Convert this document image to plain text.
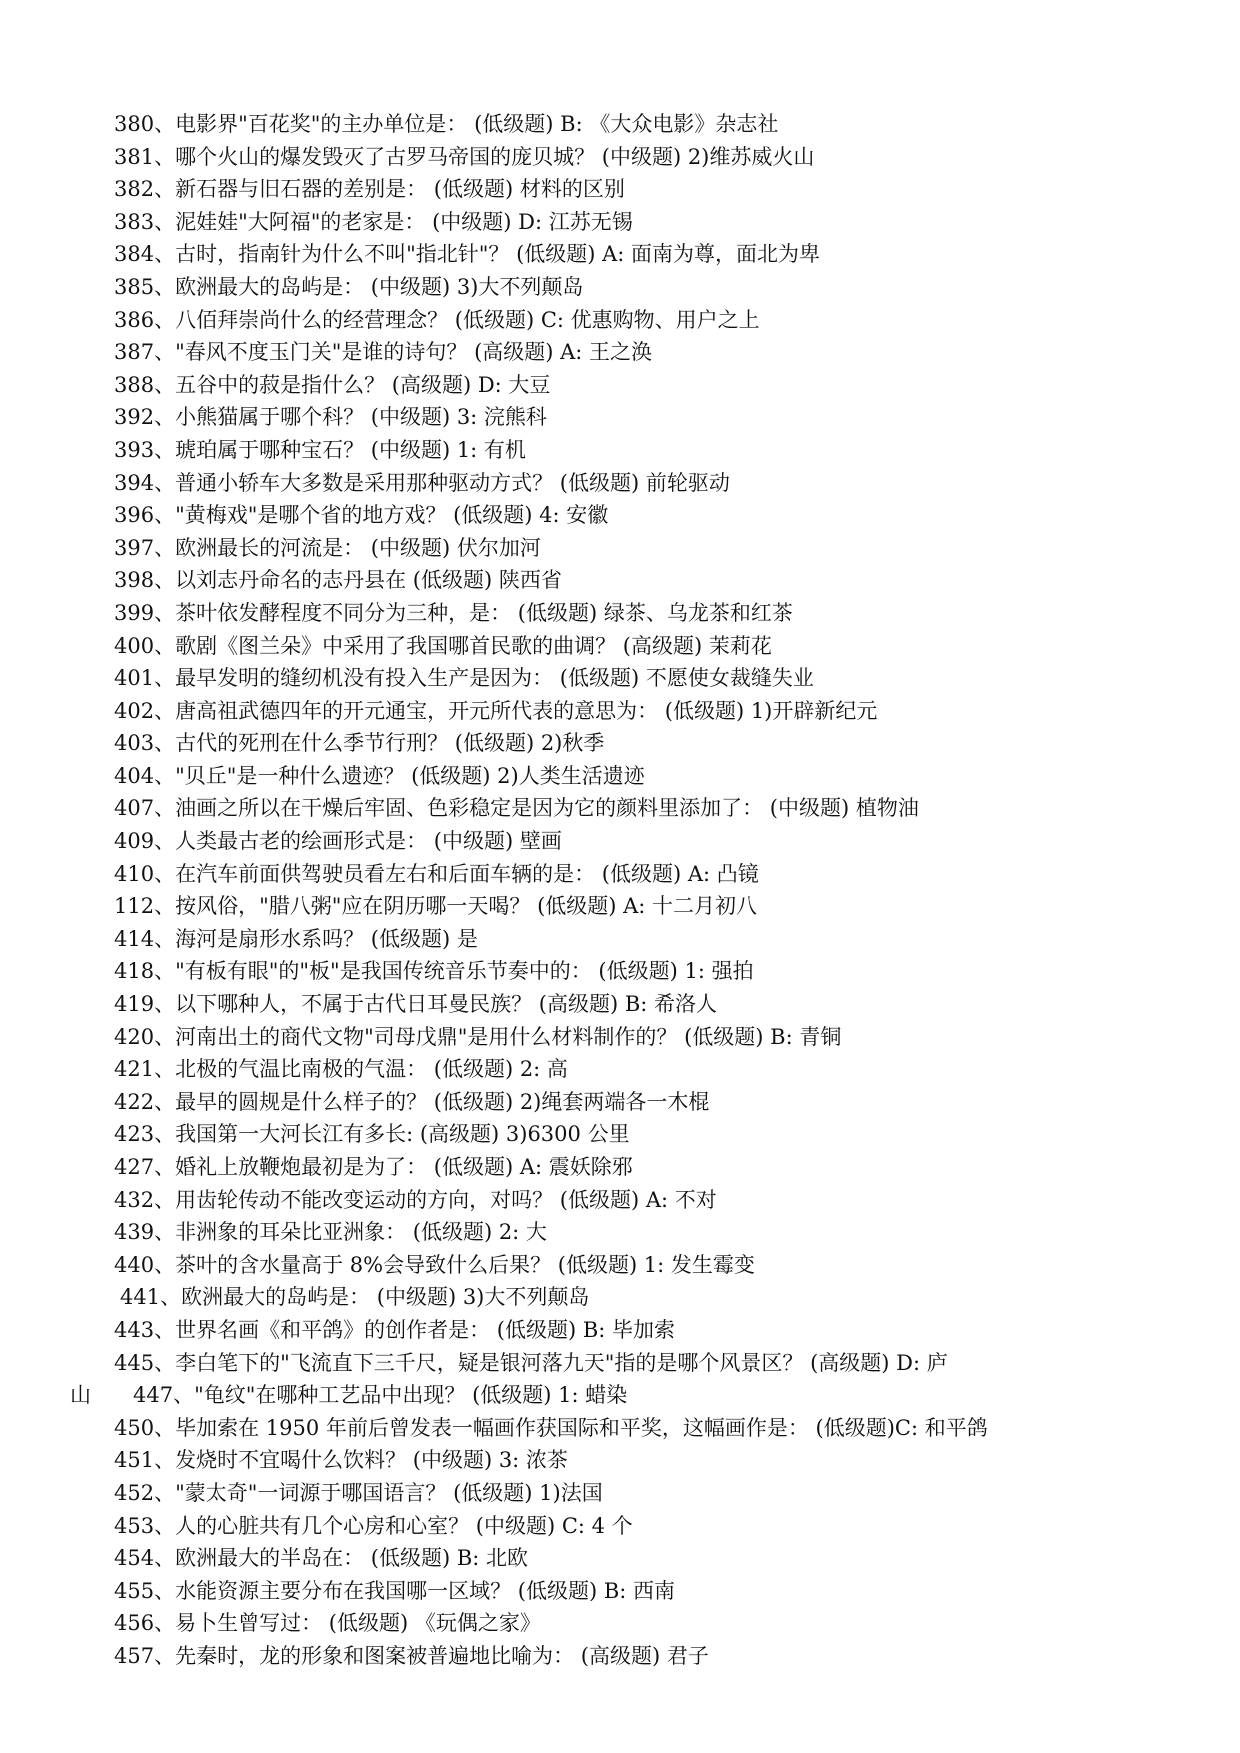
380、电影界"百花奖"的主办单位是： (低级题) B: 《大众电影》杂志社
381、哪个火山的爆发毁灭了古罗马帝国的庞贝城？ (中级题) 2)维苏威火山
382、新石器与旧石器的差别是： (低级题) 材料的区别
383、泥娃娃"大阿福"的老家是： (中级题) D: 江苏无锡
384、古时，指南针为什么不叫"指北针"？ (低级题) A: 面南为尊，面北为卑
385、欧洲最大的岛屿是： (中级题) 3)大不列颠岛
386、八佰拜崇尚什么的经营理念？ (低级题) C: 优惠购物、用户之上
387、"春风不度玉门关"是谁的诗句？ (高级题) A: 王之涣
388、五谷中的菽是指什么？ (高级题) D: 大豆
392、小熊猫属于哪个科？ (中级题) 3: 浣熊科
393、琥珀属于哪种宝石？ (中级题) 1: 有机
394、普通小轿车大多数是采用那种驱动方式？ (低级题) 前轮驱动
396、"黄梅戏"是哪个省的地方戏？ (低级题) 4: 安徽
397、欧洲最长的河流是： (中级题) 伏尔加河
398、以刘志丹命名的志丹县在 (低级题) 陕西省
399、茶叶依发酵程度不同分为三种，是： (低级题) 绿茶、乌龙茶和红茶
400、歌剧《图兰朵》中采用了我国哪首民歌的曲调？ (高级题) 茉莉花
401、最早发明的缝纫机没有投入生产是因为： (低级题) 不愿使女裁缝失业
402、唐高祖武德四年的开元通宝，开元所代表的意思为： (低级题) 1)开辟新纪元
403、古代的死刑在什么季节行刑？ (低级题) 2)秋季
404、"贝丘"是一种什么遗迹？ (低级题) 2)人类生活遗迹
407、油画之所以在干燥后牢固、色彩稳定是因为它的颜料里添加了： (中级题) 植物油
409、人类最古老的绘画形式是： (中级题) 壁画
410、在汽车前面供驾驶员看左右和后面车辆的是： (低级题) A: 凸镜
112、按风俗，"腊八粥"应在阴历哪一天喝？ (低级题) A: 十二月初八
414、海河是扇形水系吗？ (低级题) 是
418、"有板有眼"的"板"是我国传统音乐节奏中的： (低级题) 1: 强拍
419、以下哪种人，不属于古代日耳曼民族？ (高级题) B: 希洛人
420、河南出土的商代文物"司母戊鼎"是用什么材料制作的？ (低级题) B: 青铜
421、北极的气温比南极的气温： (低级题) 2: 高
422、最早的圆规是什么样子的？ (低级题) 2)绳套两端各一木棍
423、我国第一大河长江有多长: (高级题) 3)6300 公里
427、婚礼上放鞭炮最初是为了： (低级题) A: 震妖除邪
432、用齿轮传动不能改变运动的方向，对吗？ (低级题) A: 不对
439、非洲象的耳朵比亚洲象： (低级题) 2: 大
440、茶叶的含水量高于 8%会导致什么后果？ (低级题) 1: 发生霉变
441、欧洲最大的岛屿是： (中级题) 3)大不列颠岛
443、世界名画《和平鸽》的创作者是： (低级题) B: 毕加索
445、李白笔下的"飞流直下三千尺，疑是银河落九天"指的是哪个风景区？ (高级题) D: 庐
山　　447、"龟纹"在哪种工艺品中出现？ (低级题) 1: 蜡染
450、毕加索在 1950 年前后曾发表一幅画作获国际和平奖，这幅画作是： (低级题)C: 和平鸽
451、发烧时不宜喝什么饮料？ (中级题) 3: 浓茶
452、"蒙太奇"一词源于哪国语言？ (低级题) 1)法国
453、人的心脏共有几个心房和心室？ (中级题) C: 4 个
454、欧洲最大的半岛在： (低级题) B: 北欧
455、水能资源主要分布在我国哪一区域？ (低级题) B: 西南
456、易卜生曾写过： (低级题) 《玩偶之家》
457、先秦时，龙的形象和图案被普遍地比喻为： (高级题) 君子
